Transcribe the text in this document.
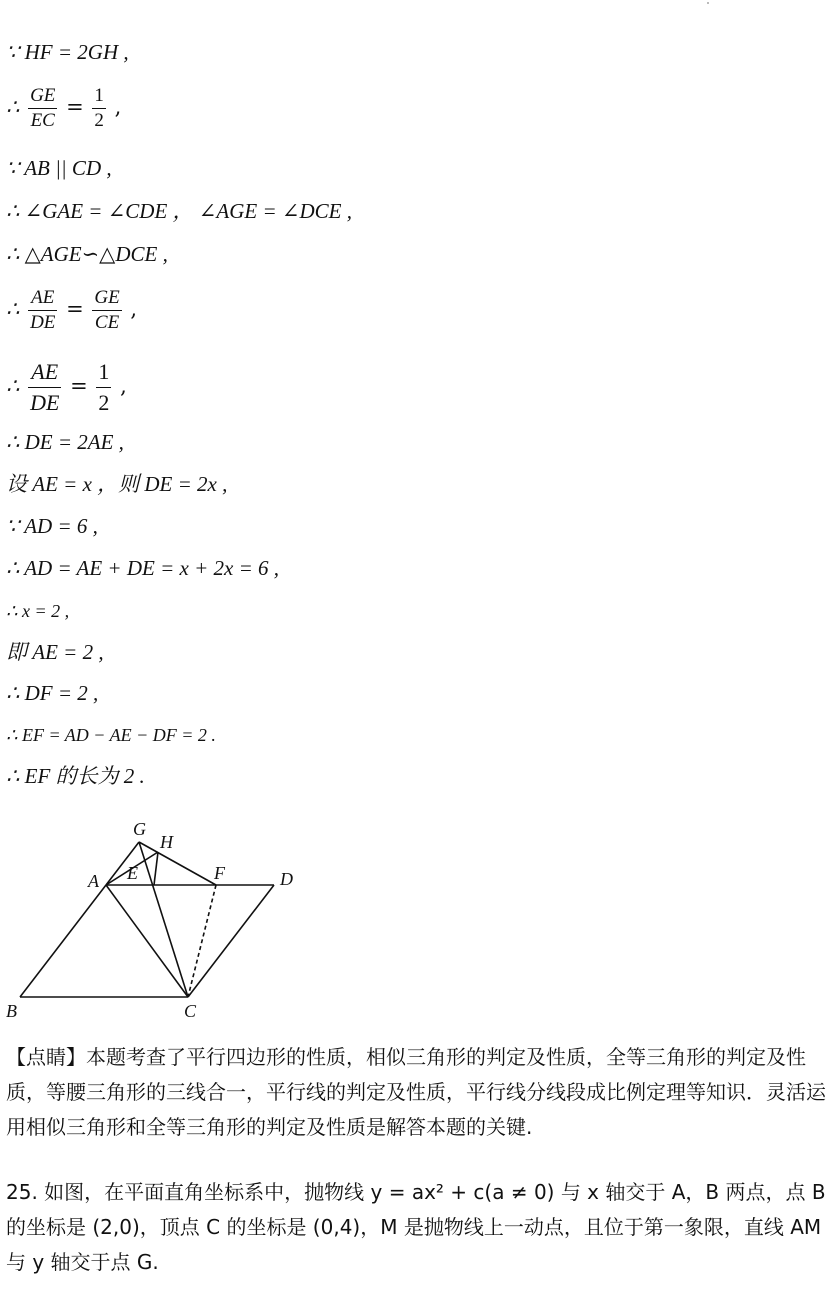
∵ HF = 2GH ,
∴ $\frac{GE}{EC} = \frac{1}{2}$ ,
∵ AB || CD ,
∴ ∠GAE = ∠CDE ， ∠AGE = ∠DCE ,
∴ △AGE∽△DCE ,
∴ $\frac{AE}{DE} = \frac{GE}{CE}$ ,
∴ $\frac{AE}{DE} = \frac{1}{2}$ ,
∴ DE = 2AE ,
设 AE = x ，则 DE = 2x ,
∵ AD = 6 ,
∴ AD = AE + DE = x + 2x = 6 ,
∴ x = 2 ,
即 AE = 2 ,
∴ DF = 2 ,
∴ EF = AD − AE − DF = 2 .
∴ EF 的长为 2 .
G
H
A E	F	D
B	C
【点睛】本题考查了平行四边形的性质，相似三角形的判定及性质，全等三角形的判定及性质，等腰三角形的三线合一，平行线的判定及性质，平行线分线段成比例定理等知识．灵活运用相似三角形和全等三角形的判定及性质是解答本题的关键.
25. 如图，在平面直角坐标系中，抛物线 y = ax² + c(a ≠ 0) 与 x 轴交于 A，B 两点，点 B 的坐标是 (2,0)，顶点 C 的坐标是 (0,4)，M 是抛物线上一动点，且位于第一象限，直线 AM 与 y 轴交于点 G.
